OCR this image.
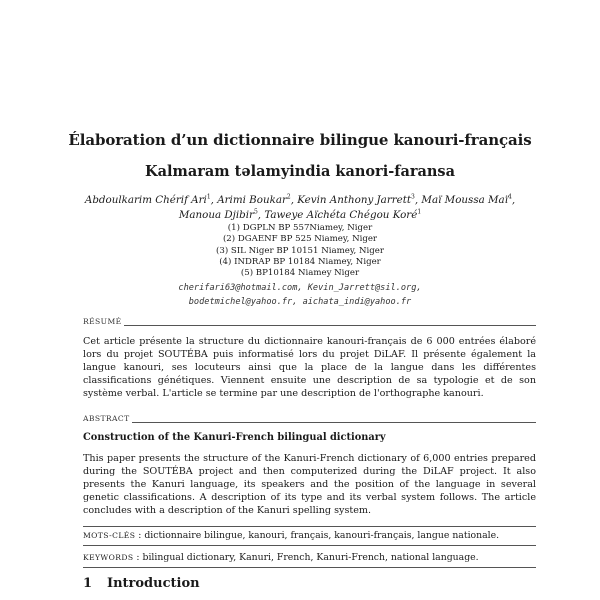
Élaboration d’un dictionnaire bilingue kanouri-français
Kalmaram təlamyindia kanori-faransa
Abdoulkarim Chérif Ari$^1$, Arimi Boukar$^2$, Kevin Anthony Jarrett$^3$, Maï Moussa Maï$^4$,
Manoua Djibir$^5$, Taweye Aïchéta Chégou Koré$^1$
(1) DGPLN BP 557Niamey, Niger
(2) DGAENF BP 525 Niamey, Niger
(3) SIL Niger BP 10151 Niamey, Niger
(4) INDRAP BP 10184 Niamey, Niger
(5) BP10184 Niamey Niger
cherifari63@hotmail.com, Kevin_Jarrett@sil.org,
bodetmichel@yahoo.fr, aichata_indi@yahoo.fr
RÉSUMÉ
Cet article présente la structure du dictionnaire kanouri-français de 6 000 entrées élaboré lors du projet SOUTÉBA puis informatisé lors du projet DiLAF. Il présente également la langue kanouri, ses locuteurs ainsi que la place de la langue dans les différentes classifications génétiques. Viennent ensuite une description de sa typologie et de son système verbal. L'article se termine par une description de l'orthographe kanouri.
ABSTRACT
Construction of the Kanuri-French bilingual dictionary
This paper presents the structure of the Kanuri-French dictionary of 6,000 entries prepared during the SOUTÉBA project and then computerized during the DiLAF project. It also presents the Kanuri language, its speakers and the position of the language in several genetic classifications. A description of its type and its verbal system follows. The article concludes with a description of the Kanuri spelling system.
MOTS-CLÉS : dictionnaire bilingue, kanouri, français, kanouri-français, langue nationale.
KEYWORDS : bilingual dictionary, Kanuri, French, Kanuri-French, national language.
1 Introduction
